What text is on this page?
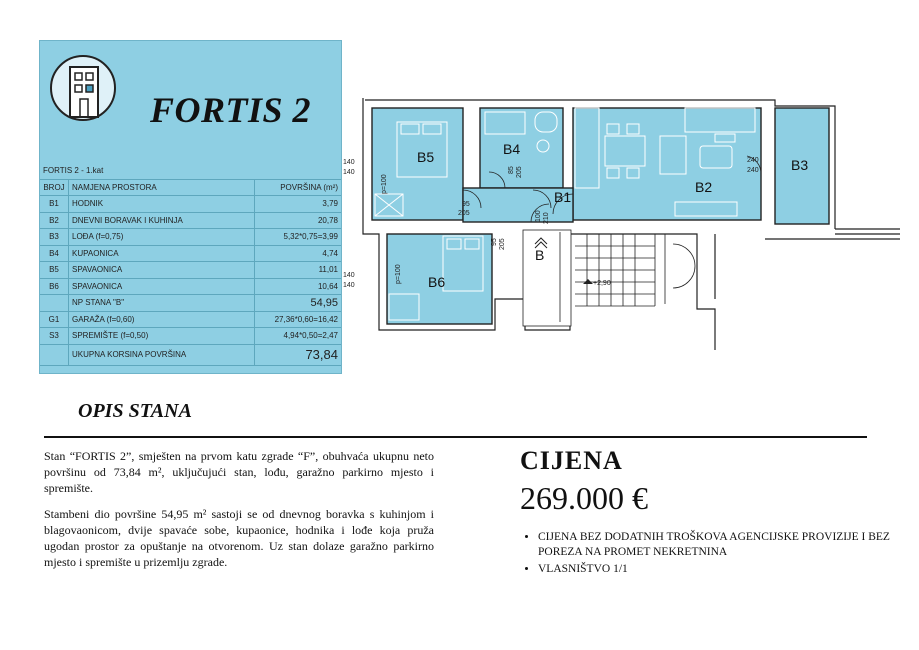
FORTIS 2
FORTIS 2 - 1.kat		
BROJ	NAMJENA PROSTORA	POVRŠINA (m²)
B1	HODNIK	3,79
B2	DNEVNI BORAVAK I KUHINJA	20,78
B3	LOĐA (f=0,75)	5,32*0,75=3,99
B4	KUPAONICA	4,74
B5	SPAVAONICA	11,01
B6	SPAVAONICA	10,64
	NP STANA "B"	54,95
G1	GARAŽA (f=0,60)	27,36*0,60=16,42
S3	SPREMIŠTE (f=0,50)	4,94*0,50=2,47
	UKUPNA KORSINA POVRŠINA	73,84
B5	B4
B1
B2
B3
B6
B
140
140
140
140
p=100
p=100
95
205
85 205
95 205
100 210
240
240
+2,90
OPIS STANA

Stan “FORTIS 2”, smješten na prvom katu zgrade “F”, obuhvaća ukupnu neto površinu od 73,84 m², uključujući stan, lođu, garažno parkirno mjesto i spremište.

Stambeni dio površine 54,95 m² sastoji se od dnevnog boravka s kuhinjom i blagovaonicom, dvije spavaće sobe, kupaonice, hodnika i lođe koja pruža ugodan prostor za opuštanje na otvorenom. Uz stan dolaze garažno parkirno mjesto i spremište u prizemlju zgrade.

CIJENA
269.000 €
• CIJENA BEZ DODATNIH TROŠKOVA AGENCIJSKE PROVIZIJE I BEZ POREZA NA PROMET NEKRETNINA
• VLASNIŠTVO 1/1
